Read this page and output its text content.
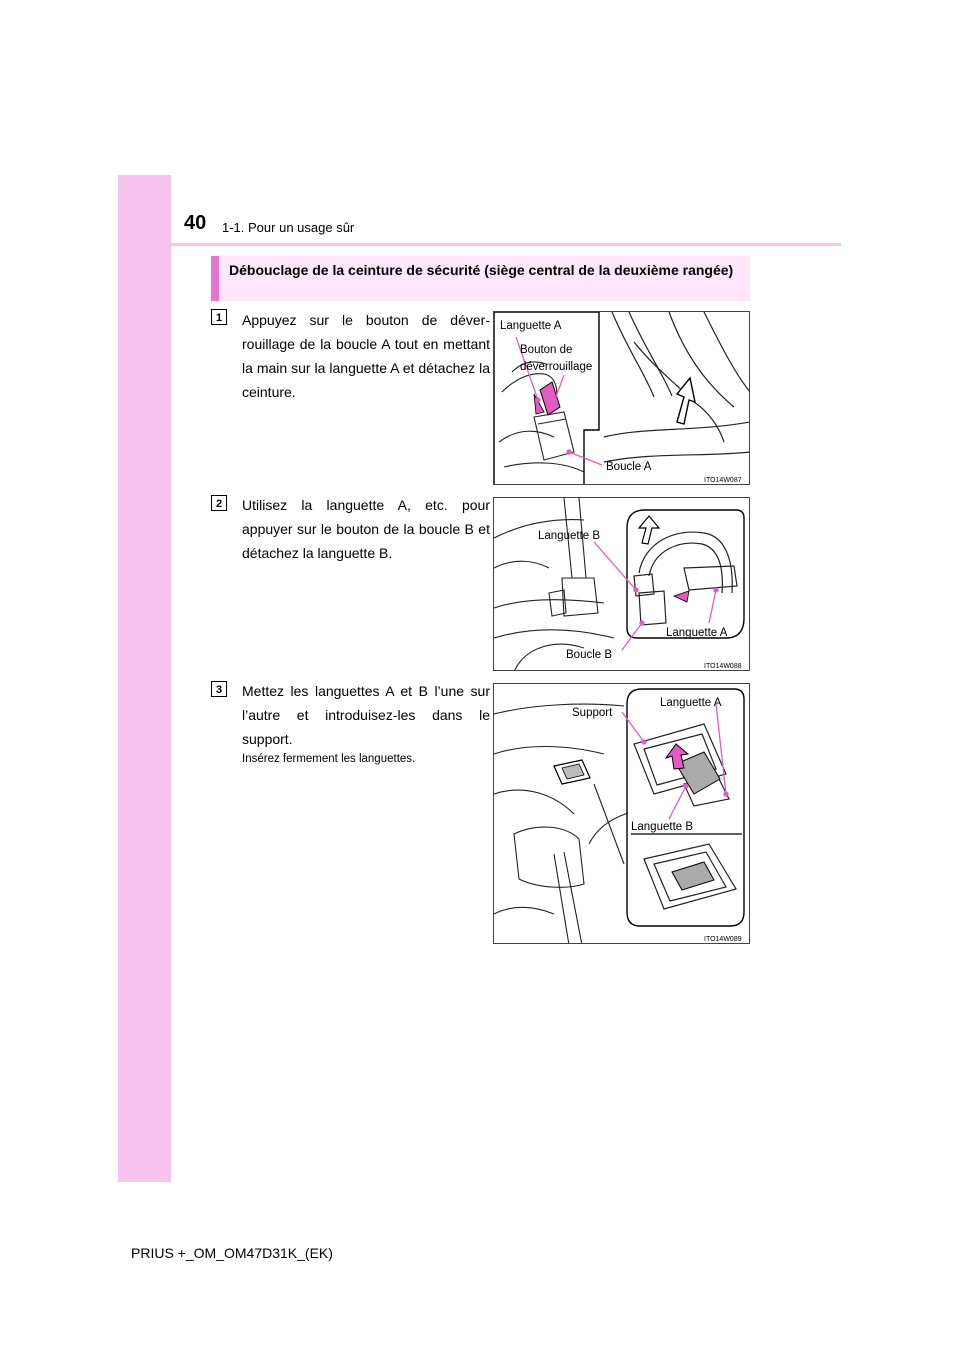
40 1-1. Pour un usage sûr
Débouclage de la ceinture de sécurité (siège central de la deuxième rangée)
1	Appuyez sur le bouton de déver-rouillage de la boucle A tout en mettant la main sur la languette A et détachez la ceinture.
Languette A
Bouton de
déverrouillage
Boucle A
ITO14W087
2	Utilisez la languette A, etc. pour appuyer sur le bouton de la boucle B et détachez la languette B.
Languette B
Languette A
Boucle B
ITO14W088
3	Mettez les languettes A et B l’une sur l’autre et introduisez-les dans le support.
Insérez fermement les languettes.
Support
Languette A
Languette B
ITO14W089
PRIUS +_OM_OM47D31K_(EK)
